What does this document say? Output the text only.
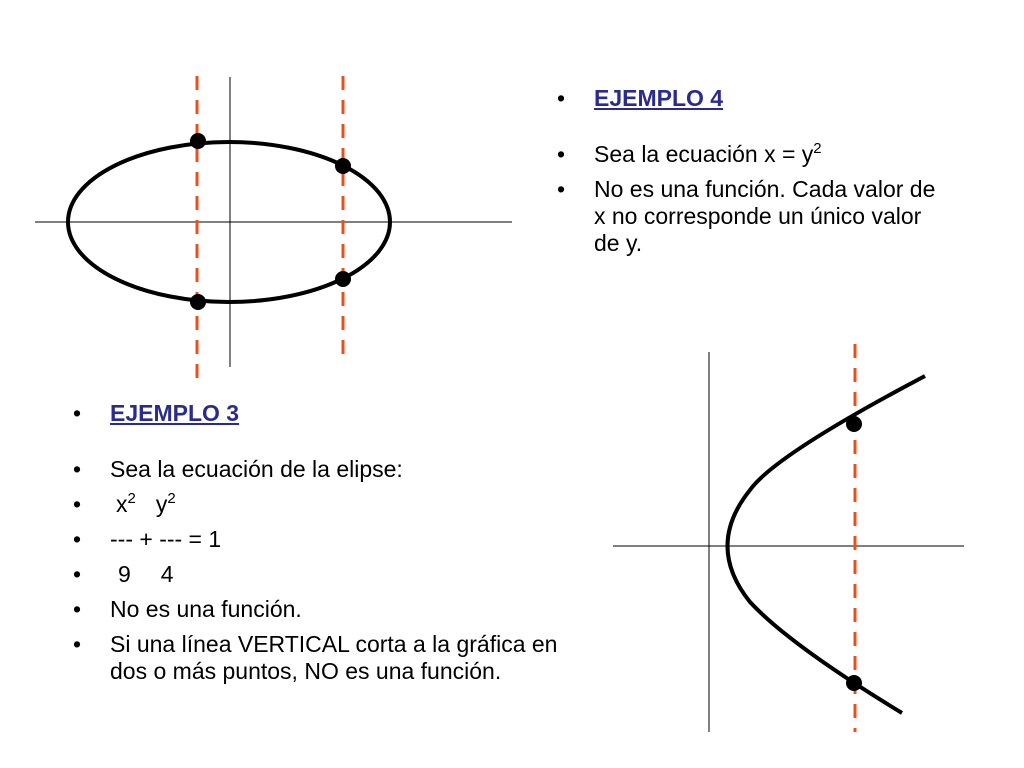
• EJEMPLO 4
• Sea la ecuación $x = y^2$
• No es una función. Cada valor de x no corresponde un único valor de y.
• EJEMPLO 3
• Sea la ecuación de la elipse:
• $x^2$ $y^2$
• --- + --- = 1
• 9 4
• No es una función.
• Si una línea VERTICAL corta a la gráfica en dos o más puntos, NO es una función.
